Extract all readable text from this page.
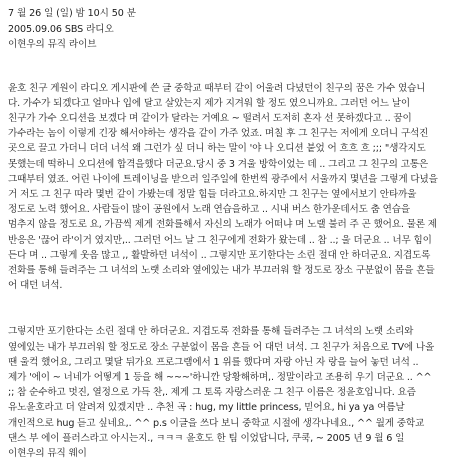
7 월 26 일 (일) 밤 10시 50 분
2005.09.06 SBS 라디오
이현우의 뮤직 라이브

윤호 친구 게원이 라디오 게시판에 쓴 글 중학교 때부터 같이 어울려 다녔던이 친구의 꿈은 가수 였습니 다. 가수가 되겠다고 얼마나 입에 달고 살았는지 제가 지겨워 할 정도 였으니까요. 그러던 어느 날이 친구가 가수 오디션을 보겠다 며 같이가 달라는 거예요 ~ 떨려서 도저히 혼자 선 못하겠다고 .. 꿈이 가수라는 놈이 이렇게 긴장 해서야하는 생각을 같이 가주 었죠. 며칠 후 그 친구는 저에게 오더니 구석진 곳으로 끌고 가더니 더더 너석 왜 그런가 싶 더니 하는 말이 '야 나 오디션 붙었 어 흐흐 흐 ;;; "생각지도 못했는데 떡하니 오디션에 합격을했다 더군요.당시 중 3 겨울 방학이었는 데 .. 그리고 그 친구의 고통은 그때부터 였죠. 어린 나이에 트레이닝을 받으러 일주일에 한번씩 광주에서 서울까지 몇년을 그렇게 다녔을 거 저도 그 친구 따라 몇번 같이 가봤는데 정말 힘들 더라고요.하지만 그 친구는 옆에서보기 안타까울 정도로 노력 했어요. 사람들이 많이 공원에서 노래 연습을하고 .. 시내 버스 한가운데서도 춤 연습을 멈추지 않을 정도로 요, 가끔씩 제게 전화를해서 자신의 노래가 어떠냐 며 노랠 불러 주 곤 했어요. 물론 제 반응은 '끊어 라'이거 였지만,.. 그러던 어느 날 그 친구에게 전화가 왔는데 .. 참 ..; 울 더군요 .. 너무 힘이 든다 며 .. 그렇게 웃음 많고 ,, 활발하던 녀석이 .. 그렇지만 포기한다는 소린 절대 안 하더군요. 지겹도록 전화를 통해 들려주는 그 녀석의 노랫 소리와 옆에있는 내가 부끄러워 할 정도로 장소 구분없이 몸을 흔들 어 대던 녀석.

그렇지만 포기한다는 소린 절대 안 하더군요. 지겹도록 전화를 통해 들려주는 그 녀석의 노랫 소리와 옆에있는 내가 부끄러워 할 정도로 장소 구분없이 몸을 흔들 어 대던 녀석. 그 친구가 처음으로 TV에 나올 땐 울컥 했어요, 그리고 몇달 뒤가요 프로그램에서 1 위를 했다며 자랑 아닌 자 랑을 늘어 놓던 녀석 .. 제가 '에이 ~ 너네가 어떻게 1 등을 해 ~~~'하니깐 당황해하며,. 정말이라고 조용히 우기 더군요 .. ^^ ;; 참 순수하고 멋진, 열정으로 가득 찬,. 제게 그 토록 자랑스러운 그 친구 이름은 정윤호입니다. 요즘 유노윤호라고 더 알려져 있겠지만 .. 추천 곡 : hug, my little princess, 믿어요, hi ya ya 여름날 개인적으로 hug 듣고 싶네요,. ^^ p.s 이글을 쓰다 보니 중학교 시절에 생각나네요., ^^ 월게 중학교 댄스 부 에이 플러스라고 아시는지., ㅋㅋㅋ 윤호도 한 팀 이었답니다, 쿠쿡, ~ 2005 년 9 월 6 일 이현우의 뮤직 웨이
